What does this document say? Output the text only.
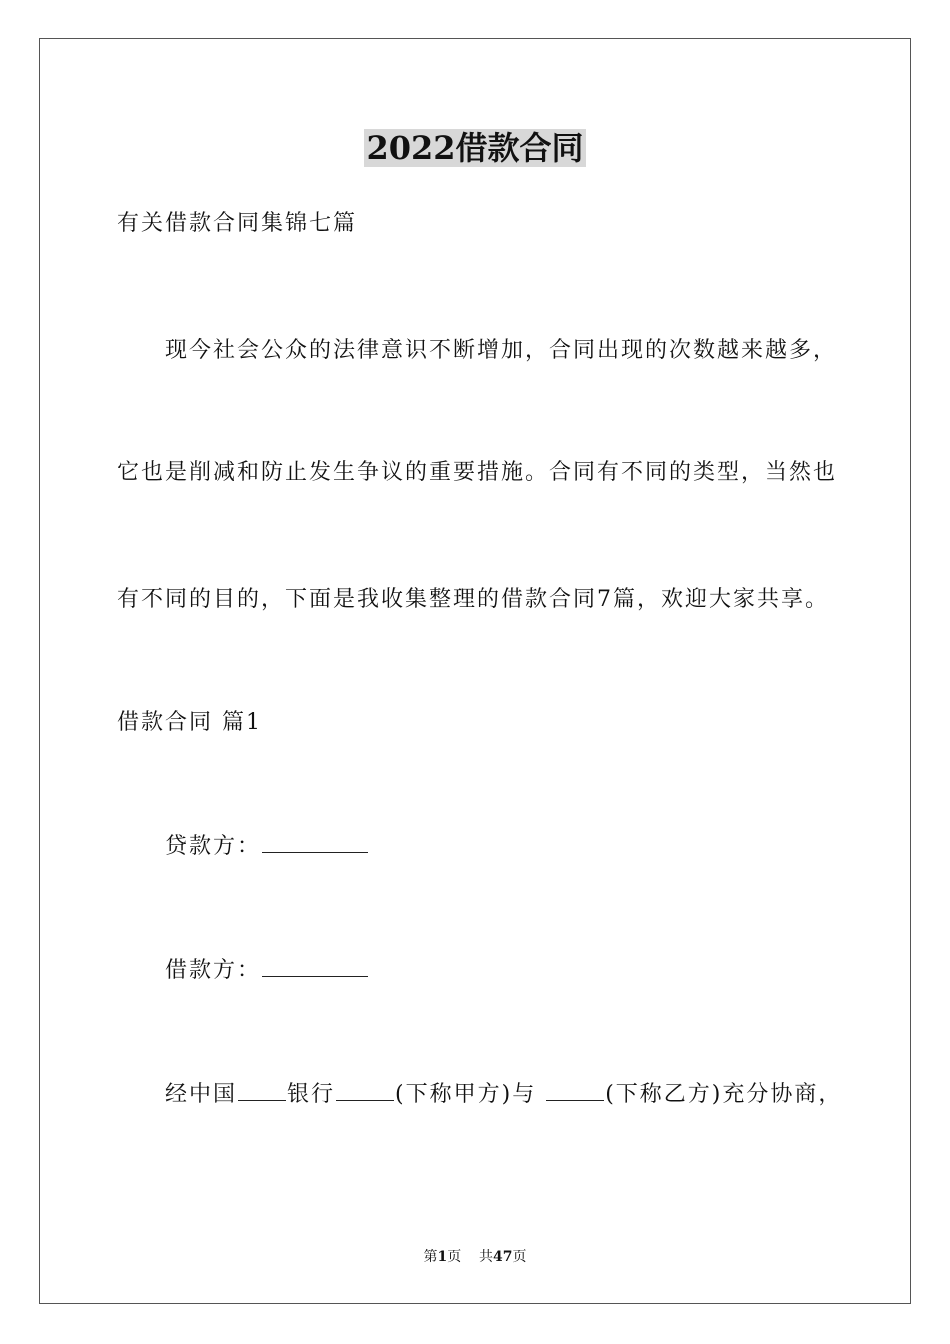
2022借款合同
有关借款合同集锦七篇
现今社会公众的法律意识不断增加，合同出现的次数越来越多，
它也是削减和防止发生争议的重要措施。合同有不同的类型，当然也
有不同的目的，下面是我收集整理的借款合同7篇，欢迎大家共享。
借款合同 篇1
贷款方：
借款方：
经中国 银行	(下称甲方)与	(下称乙方)充分协商，
第1页    共47页
